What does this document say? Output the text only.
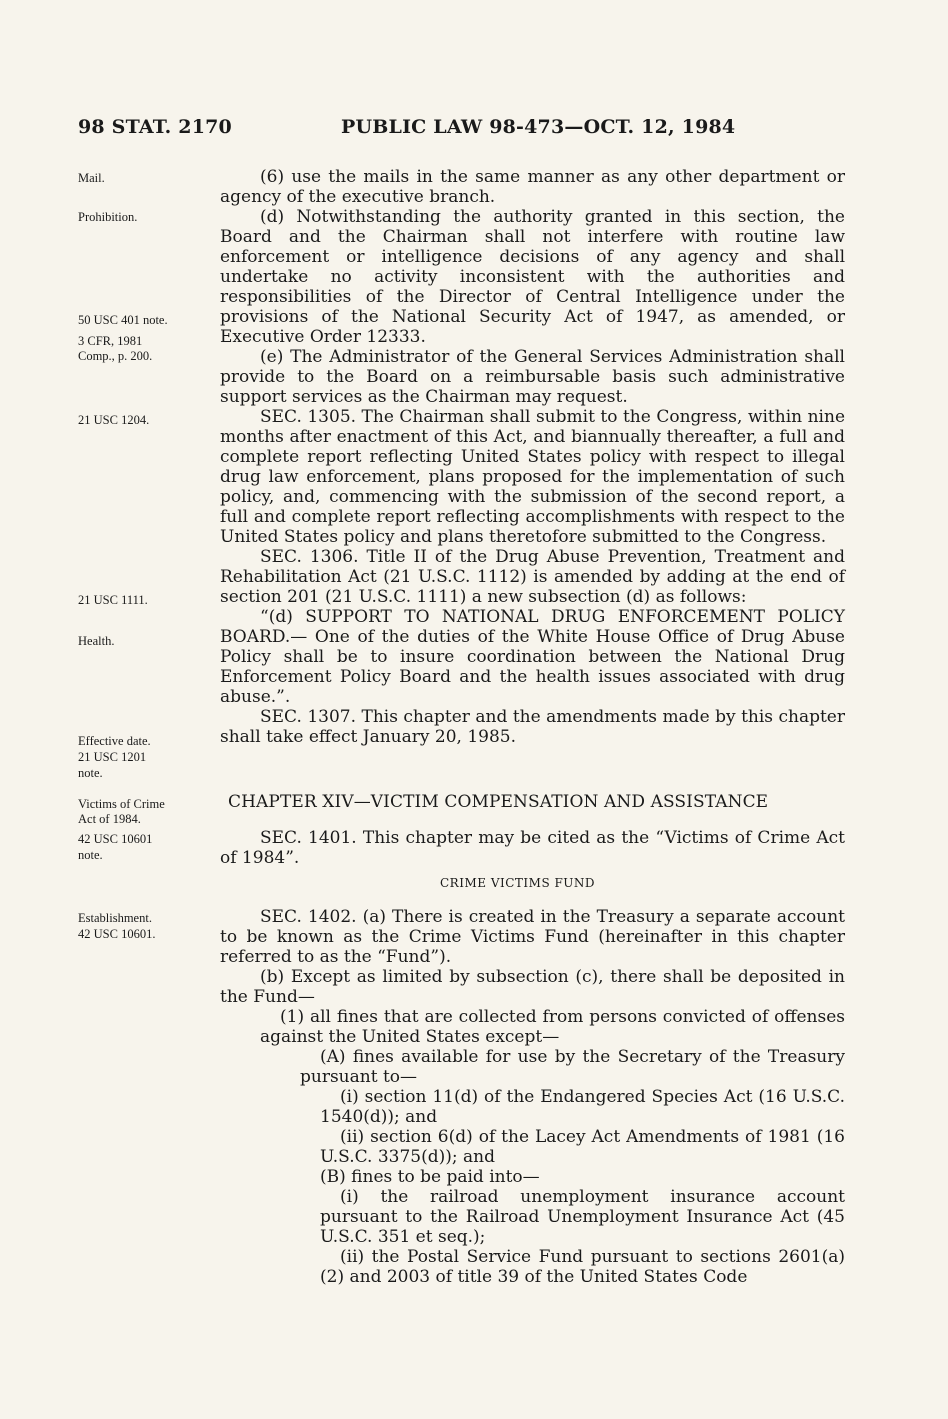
98 STAT. 2170	PUBLIC LAW 98-473—OCT. 12, 1984
Mail.
Prohibition.
50 USC 401 note.
3 CFR, 1981
Comp., p. 200.
21 USC 1204.
21 USC 1111.
Health.
Effective date.
21 USC 1201
note.
Victims of Crime
Act of 1984.
42 USC 10601
note.
Establishment.
42 USC 10601.

(6) use the mails in the same manner as any other department or agency of the executive branch.

(d) Notwithstanding the authority granted in this section, the Board and the Chairman shall not interfere with routine law enforcement or intelligence decisions of any agency and shall undertake no activity inconsistent with the authorities and responsibilities of the Director of Central Intelligence under the provisions of the National Security Act of 1947, as amended, or Executive Order 12333.

(e) The Administrator of the General Services Administration shall provide to the Board on a reimbursable basis such administrative support services as the Chairman may request.

SEC. 1305. The Chairman shall submit to the Congress, within nine months after enactment of this Act, and biannually thereafter, a full and complete report reflecting United States policy with respect to illegal drug law enforcement, plans proposed for the implementation of such policy, and, commencing with the submission of the second report, a full and complete report reflecting accomplishments with respect to the United States policy and plans theretofore submitted to the Congress.

SEC. 1306. Title II of the Drug Abuse Prevention, Treatment and Rehabilitation Act (21 U.S.C. 1112) is amended by adding at the end of section 201 (21 U.S.C. 1111) a new subsection (d) as follows:

“(d) SUPPORT TO NATIONAL DRUG ENFORCEMENT POLICY BOARD.— One of the duties of the White House Office of Drug Abuse Policy shall be to insure coordination between the National Drug Enforcement Policy Board and the health issues associated with drug abuse.”.

SEC. 1307. This chapter and the amendments made by this chapter shall take effect January 20, 1985.

CHAPTER XIV—VICTIM COMPENSATION AND ASSISTANCE

SEC. 1401. This chapter may be cited as the “Victims of Crime Act of 1984”.

CRIME VICTIMS FUND

SEC. 1402. (a) There is created in the Treasury a separate account to be known as the Crime Victims Fund (hereinafter in this chapter referred to as the “Fund”).

(b) Except as limited by subsection (c), there shall be deposited in the Fund—

(1) all fines that are collected from persons convicted of offenses against the United States except—

(A) fines available for use by the Secretary of the Treasury pursuant to—

(i) section 11(d) of the Endangered Species Act (16 U.S.C. 1540(d)); and

(ii) section 6(d) of the Lacey Act Amendments of 1981 (16 U.S.C. 3375(d)); and

(B) fines to be paid into—

(i) the railroad unemployment insurance account pursuant to the Railroad Unemployment Insurance Act (45 U.S.C. 351 et seq.);

(ii) the Postal Service Fund pursuant to sections 2601(a)(2) and 2003 of title 39 of the United States Code
